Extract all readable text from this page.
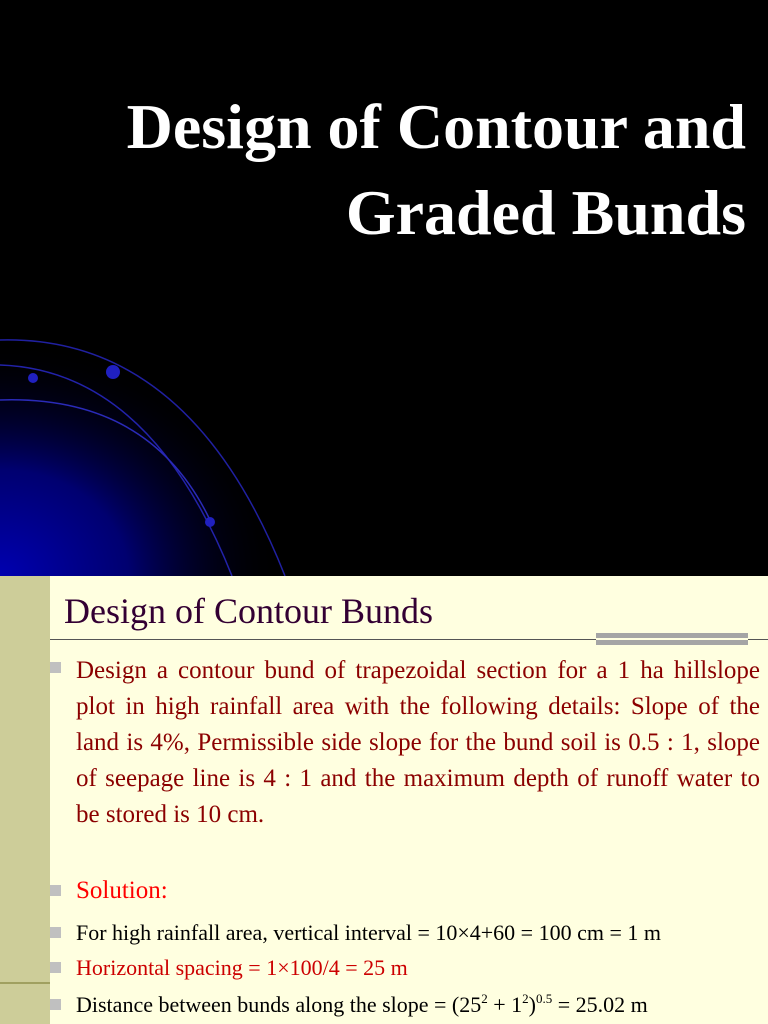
Design of Contour and
Graded Bunds
Design of Contour Bunds
Design a contour bund of trapezoidal section for a 1 ha hillslope plot in high rainfall area with the following details: Slope of the land is 4%, Permissible side slope for the bund soil is 0.5 : 1, slope of seepage line is 4 : 1 and the maximum depth of runoff water to be stored is 10 cm.
Solution:
For high rainfall area, vertical interval = 10×4+60 = 100 cm = 1 m
Horizontal spacing = 1×100/4 = 25 m
Distance between bunds along the slope = $(25^2 + 1^2)^{0.5} = 25.02$ m
